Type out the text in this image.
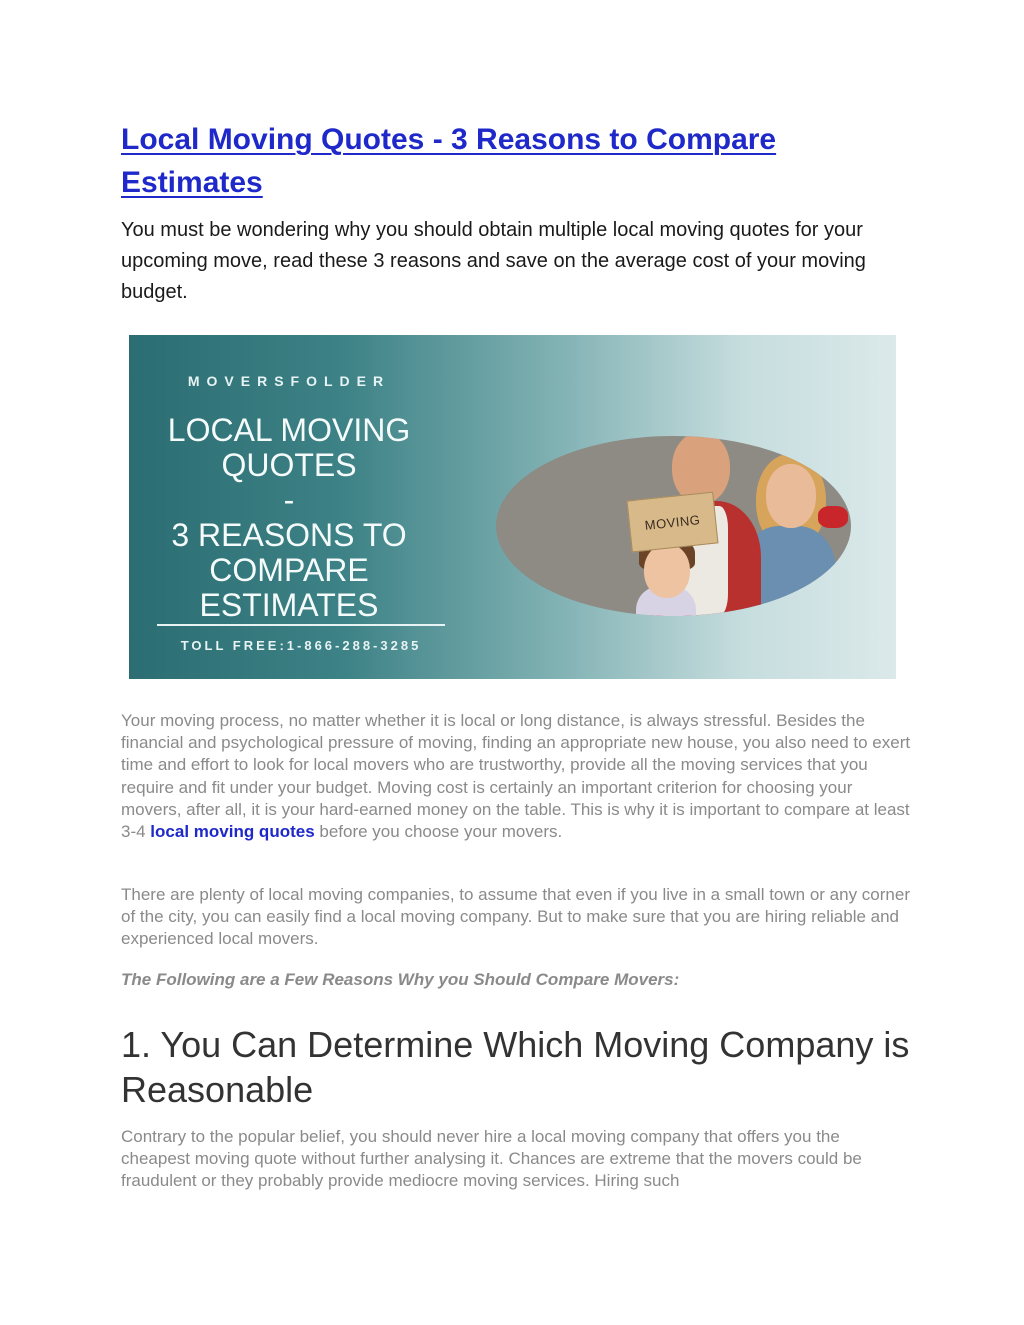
Local Moving Quotes - 3 Reasons to Compare Estimates

You must be wondering why you should obtain multiple local moving quotes for your upcoming move, read these 3 reasons and save on the average cost of your moving budget.

MOVERSFOLDER
LOCAL MOVING
QUOTES
-
3 REASONS TO
COMPARE
ESTIMATES
TOLL FREE:1-866-288-3285
MOVING

Your moving process, no matter whether it is local or long distance, is always stressful. Besides the financial and psychological pressure of moving, finding an appropriate new house, you also need to exert time and effort to look for local movers who are trustworthy, provide all the moving services that you require and fit under your budget. Moving cost is certainly an important criterion for choosing your movers, after all, it is your hard-earned money on the table. This is why it is important to compare at least 3-4 local moving quotes before you choose your movers.

There are plenty of local moving companies, to assume that even if you live in a small town or any corner of the city, you can easily find a local moving company. But to make sure that you are hiring reliable and experienced local movers.

The Following are a Few Reasons Why you Should Compare Movers:

1. You Can Determine Which Moving Company is Reasonable

Contrary to the popular belief, you should never hire a local moving company that offers you the cheapest moving quote without further analysing it. Chances are extreme that the movers could be fraudulent or they probably provide mediocre moving services. Hiring such
